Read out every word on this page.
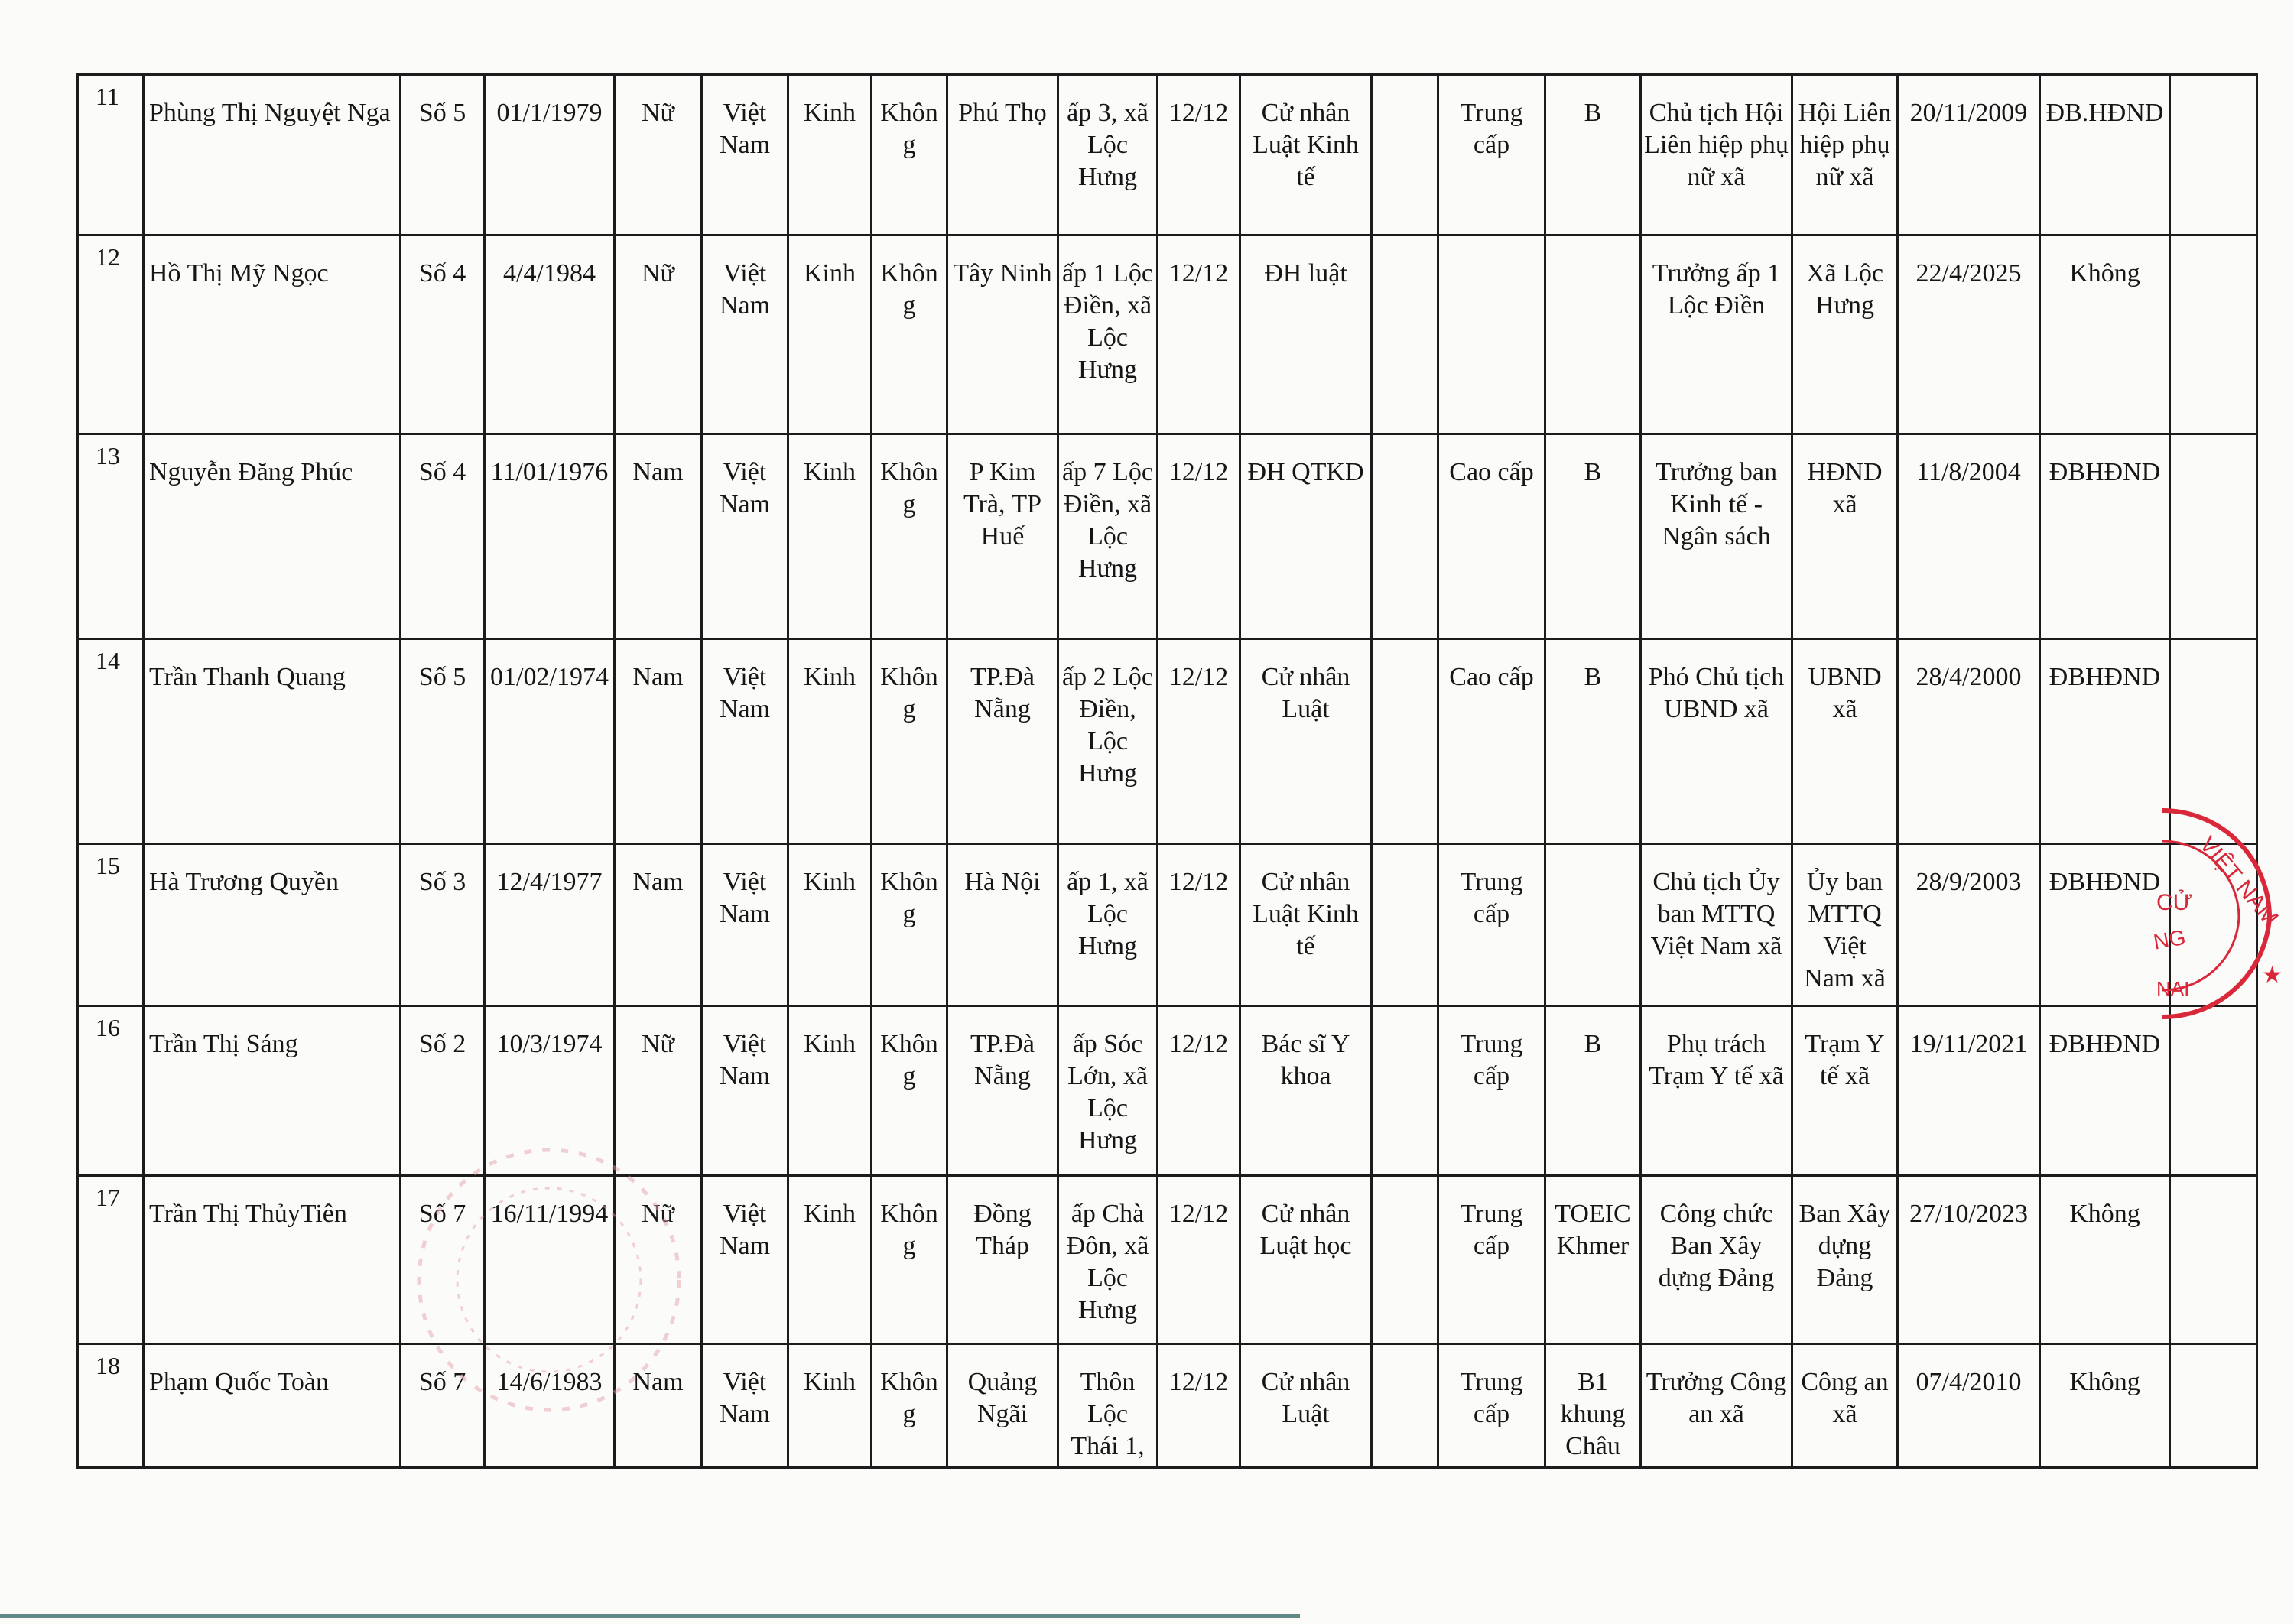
11	Phùng Thị Nguyệt Nga	Số 5	01/1/1979	Nữ	Việt Nam	Kinh	Không	Phú Thọ	ấp 3, xã Lộc Hưng	12/12	Cử nhân Luật Kinh tế		Trung cấp	B	Chủ tịch Hội Liên hiệp phụ nữ xã	Hội Liên hiệp phụ nữ xã	20/11/2009	ĐB.HĐND	
12	Hồ Thị Mỹ Ngọc	Số 4	4/4/1984	Nữ	Việt Nam	Kinh	Không	Tây Ninh	ấp 1 Lộc Điền, xã Lộc Hưng	12/12	ĐH luật				Trưởng ấp 1 Lộc Điền	Xã Lộc Hưng	22/4/2025	Không	
13	Nguyễn Đăng Phúc	Số 4	11/01/1976	Nam	Việt Nam	Kinh	Không	P Kim Trà, TP Huế	ấp 7 Lộc Điền, xã Lộc Hưng	12/12	ĐH QTKD		Cao cấp	B	Trưởng ban Kinh tế - Ngân sách	HĐND xã	11/8/2004	ĐBHĐND	
14	Trần Thanh Quang	Số 5	01/02/1974	Nam	Việt Nam	Kinh	Không	TP.Đà Nẵng	ấp 2 Lộc Điền, Lộc Hưng	12/12	Cử nhân Luật		Cao cấp	B	Phó Chủ tịch UBND xã	UBND xã	28/4/2000	ĐBHĐND	
15	Hà Trương Quyền	Số 3	12/4/1977	Nam	Việt Nam	Kinh	Không	Hà Nội	ấp 1, xã Lộc Hưng	12/12	Cử nhân Luật Kinh tế		Trung cấp		Chủ tịch Ủy ban MTTQ Việt Nam xã	Ủy ban MTTQ Việt Nam xã	28/9/2003	ĐBHĐND	
16	Trần Thị Sáng	Số 2	10/3/1974	Nữ	Việt Nam	Kinh	Không	TP.Đà Nẵng	ấp Sóc Lớn, xã Lộc Hưng	12/12	Bác sĩ Y khoa		Trung cấp	B	Phụ trách Trạm Y tế xã	Trạm Y tế xã	19/11/2021	ĐBHĐND	
17	Trần Thị ThủyTiên	Số 7	16/11/1994	Nữ	Việt Nam	Kinh	Không	Đồng Tháp	ấp Chà Đôn, xã Lộc Hưng	12/12	Cử nhân Luật học		Trung cấp	TOEIC Khmer	Công chức Ban Xây dựng Đảng	Ban Xây dựng Đảng	27/10/2023	Không	
18	Phạm Quốc Toàn	Số 7	14/6/1983	Nam	Việt Nam	Kinh	Không	Quảng Ngãi	Thôn Lộc Thái 1,	12/12	Cử nhân Luật		Trung cấp	B1 khung Châu	Trưởng Công an xã	Công an xã	07/4/2010	Không	
VIỆT NAM
CỬ
NG
NAI
★
